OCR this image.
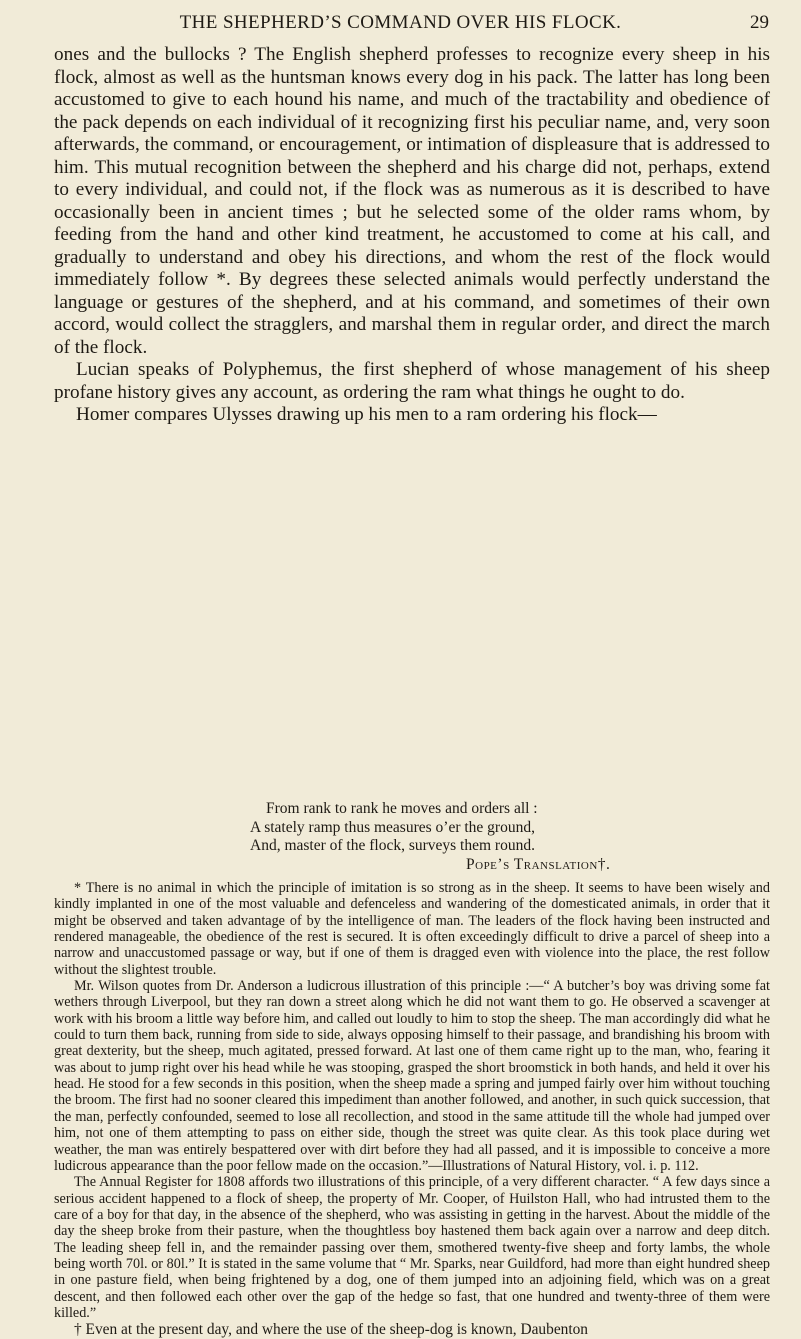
THE SHEPHERD’S COMMAND OVER HIS FLOCK.	29

ones and the bullocks ? The English shepherd professes to recognize every sheep in his flock, almost as well as the huntsman knows every dog in his pack. The latter has long been accustomed to give to each hound his name, and much of the tractability and obedience of the pack depends on each individual of it recognizing first his peculiar name, and, very soon afterwards, the command, or encouragement, or intimation of displeasure that is addressed to him. This mutual recognition between the shepherd and his charge did not, perhaps, extend to every individual, and could not, if the flock was as numerous as it is described to have occasionally been in ancient times ; but he selected some of the older rams whom, by feeding from the hand and other kind treatment, he accustomed to come at his call, and gradually to understand and obey his directions, and whom the rest of the flock would immediately follow *. By degrees these selected animals would perfectly understand the language or gestures of the shepherd, and at his command, and sometimes of their own accord, would collect the stragglers, and marshal them in regular order, and direct the march of the flock.

Lucian speaks of Polyphemus, the first shepherd of whose management of his sheep profane history gives any account, as ordering the ram what things he ought to do.

Homer compares Ulysses drawing up his men to a ram ordering his flock—

From rank to rank he moves and orders all :
A stately ramp thus measures o’er the ground,
And, master of the flock, surveys them round.
Pope’s Translation†.

* There is no animal in which the principle of imitation is so strong as in the sheep. It seems to have been wisely and kindly implanted in one of the most valuable and defenceless and wandering of the domesticated animals, in order that it might be observed and taken advantage of by the intelligence of man. The leaders of the flock having been instructed and rendered manageable, the obedience of the rest is secured. It is often exceedingly difficult to drive a parcel of sheep into a narrow and unaccustomed passage or way, but if one of them is dragged even with violence into the place, the rest follow without the slightest trouble.

Mr. Wilson quotes from Dr. Anderson a ludicrous illustration of this principle :—“ A butcher’s boy was driving some fat wethers through Liverpool, but they ran down a street along which he did not want them to go. He observed a scavenger at work with his broom a little way before him, and called out loudly to him to stop the sheep. The man accordingly did what he could to turn them back, running from side to side, always opposing himself to their passage, and brandishing his broom with great dexterity, but the sheep, much agitated, pressed forward. At last one of them came right up to the man, who, fearing it was about to jump right over his head while he was stooping, grasped the short broomstick in both hands, and held it over his head. He stood for a few seconds in this position, when the sheep made a spring and jumped fairly over him without touching the broom. The first had no sooner cleared this impediment than another followed, and another, in such quick succession, that the man, perfectly confounded, seemed to lose all recollection, and stood in the same attitude till the whole had jumped over him, not one of them attempting to pass on either side, though the street was quite clear. As this took place during wet weather, the man was entirely bespattered over with dirt before they had all passed, and it is impossible to conceive a more ludicrous appearance than the poor fellow made on the occasion.”—Illustrations of Natural History, vol. i. p. 112.

The Annual Register for 1808 affords two illustrations of this principle, of a very different character. “ A few days since a serious accident happened to a flock of sheep, the property of Mr. Cooper, of Huilston Hall, who had intrusted them to the care of a boy for that day, in the absence of the shepherd, who was assisting in getting in the harvest. About the middle of the day the sheep broke from their pasture, when the thoughtless boy hastened them back again over a narrow and deep ditch. The leading sheep fell in, and the remainder passing over them, smothered twenty-five sheep and forty lambs, the whole being worth 70l. or 80l.” It is stated in the same volume that “ Mr. Sparks, near Guildford, had more than eight hundred sheep in one pasture field, when being frightened by a dog, one of them jumped into an adjoining field, which was on a great descent, and then followed each other over the gap of the hedge so fast, that one hundred and twenty-three of them were killed.”

† Even at the present day, and where the use of the sheep-dog is known, Daubenton
